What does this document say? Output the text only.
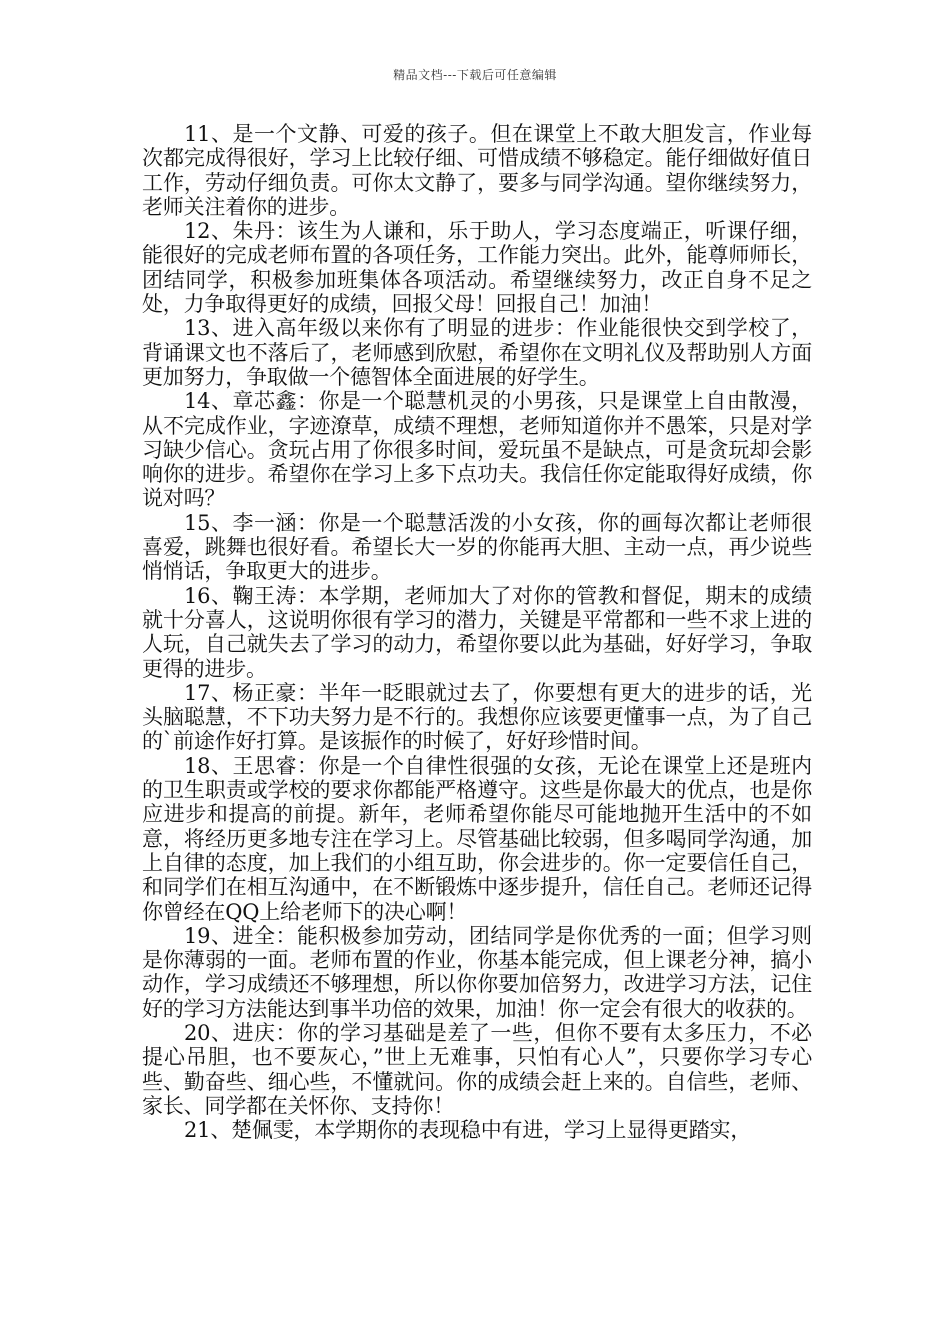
精品文档---下载后可任意编辑

11、是一个文静、可爱的孩子。但在课堂上不敢大胆发言，作业每次都完成得很好，学习上比较仔细、可惜成绩不够稳定。能仔细做好值日工作，劳动仔细负责。可你太文静了，要多与同学沟通。望你继续努力，老师关注着你的进步。

12、朱丹：该生为人谦和，乐于助人，学习态度端正，听课仔细，能很好的完成老师布置的各项任务，工作能力突出。此外，能尊师师长，团结同学，积极参加班集体各项活动。希望继续努力，改正自身不足之处，力争取得更好的成绩，回报父母！回报自己！加油！

13、进入高年级以来你有了明显的进步：作业能很快交到学校了，背诵课文也不落后了，老师感到欣慰，希望你在文明礼仪及帮助别人方面更加努力，争取做一个德智体全面进展的好学生。

14、章芯鑫：你是一个聪慧机灵的小男孩，只是课堂上自由散漫，从不完成作业，字迹潦草，成绩不理想，老师知道你并不愚笨，只是对学习缺少信心。贪玩占用了你很多时间，爱玩虽不是缺点，可是贪玩却会影响你的进步。希望你在学习上多下点功夫。我信任你定能取得好成绩，你说对吗？

15、李一涵：你是一个聪慧活泼的小女孩，你的画每次都让老师很喜爱，跳舞也很好看。希望长大一岁的你能再大胆、主动一点，再少说些悄悄话，争取更大的进步。

16、鞠王涛：本学期，老师加大了对你的管教和督促，期末的成绩就十分喜人，这说明你很有学习的潜力，关键是平常都和一些不求上进的人玩，自己就失去了学习的动力，希望你要以此为基础，好好学习，争取更得的进步。

17、杨正豪：半年一眨眼就过去了，你要想有更大的进步的话，光头脑聪慧，不下功夫努力是不行的。我想你应该要更懂事一点，为了自己的`前途作好打算。是该振作的时候了，好好珍惜时间。

18、王思睿：你是一个自律性很强的女孩，无论在课堂上还是班内的卫生职责或学校的要求你都能严格遵守。这些是你最大的优点，也是你应进步和提高的前提。新年，老师希望你能尽可能地抛开生活中的不如意，将经历更多地专注在学习上。尽管基础比较弱，但多喝同学沟通，加上自律的态度，加上我们的小组互助，你会进步的。你一定要信任自己，和同学们在相互沟通中，在不断锻炼中逐步提升，信任自己。老师还记得你曾经在QQ上给老师下的决心啊！

19、进全：能积极参加劳动，团结同学是你优秀的一面；但学习则是你薄弱的一面。老师布置的作业，你基本能完成，但上课老分神，搞小动作，学习成绩还不够理想，所以你你要加倍努力，改进学习方法，记住好的学习方法能达到事半功倍的效果，加油！你一定会有很大的收获的。

20、进庆：你的学习基础是差了一些，但你不要有太多压力，不必提心吊胆，也不要灰心，”世上无难事，只怕有心人”，只要你学习专心些、勤奋些、细心些，不懂就问。你的成绩会赶上来的。自信些，老师、家长、同学都在关怀你、支持你！

21、楚佩雯，本学期你的表现稳中有进，学习上显得更踏实，
